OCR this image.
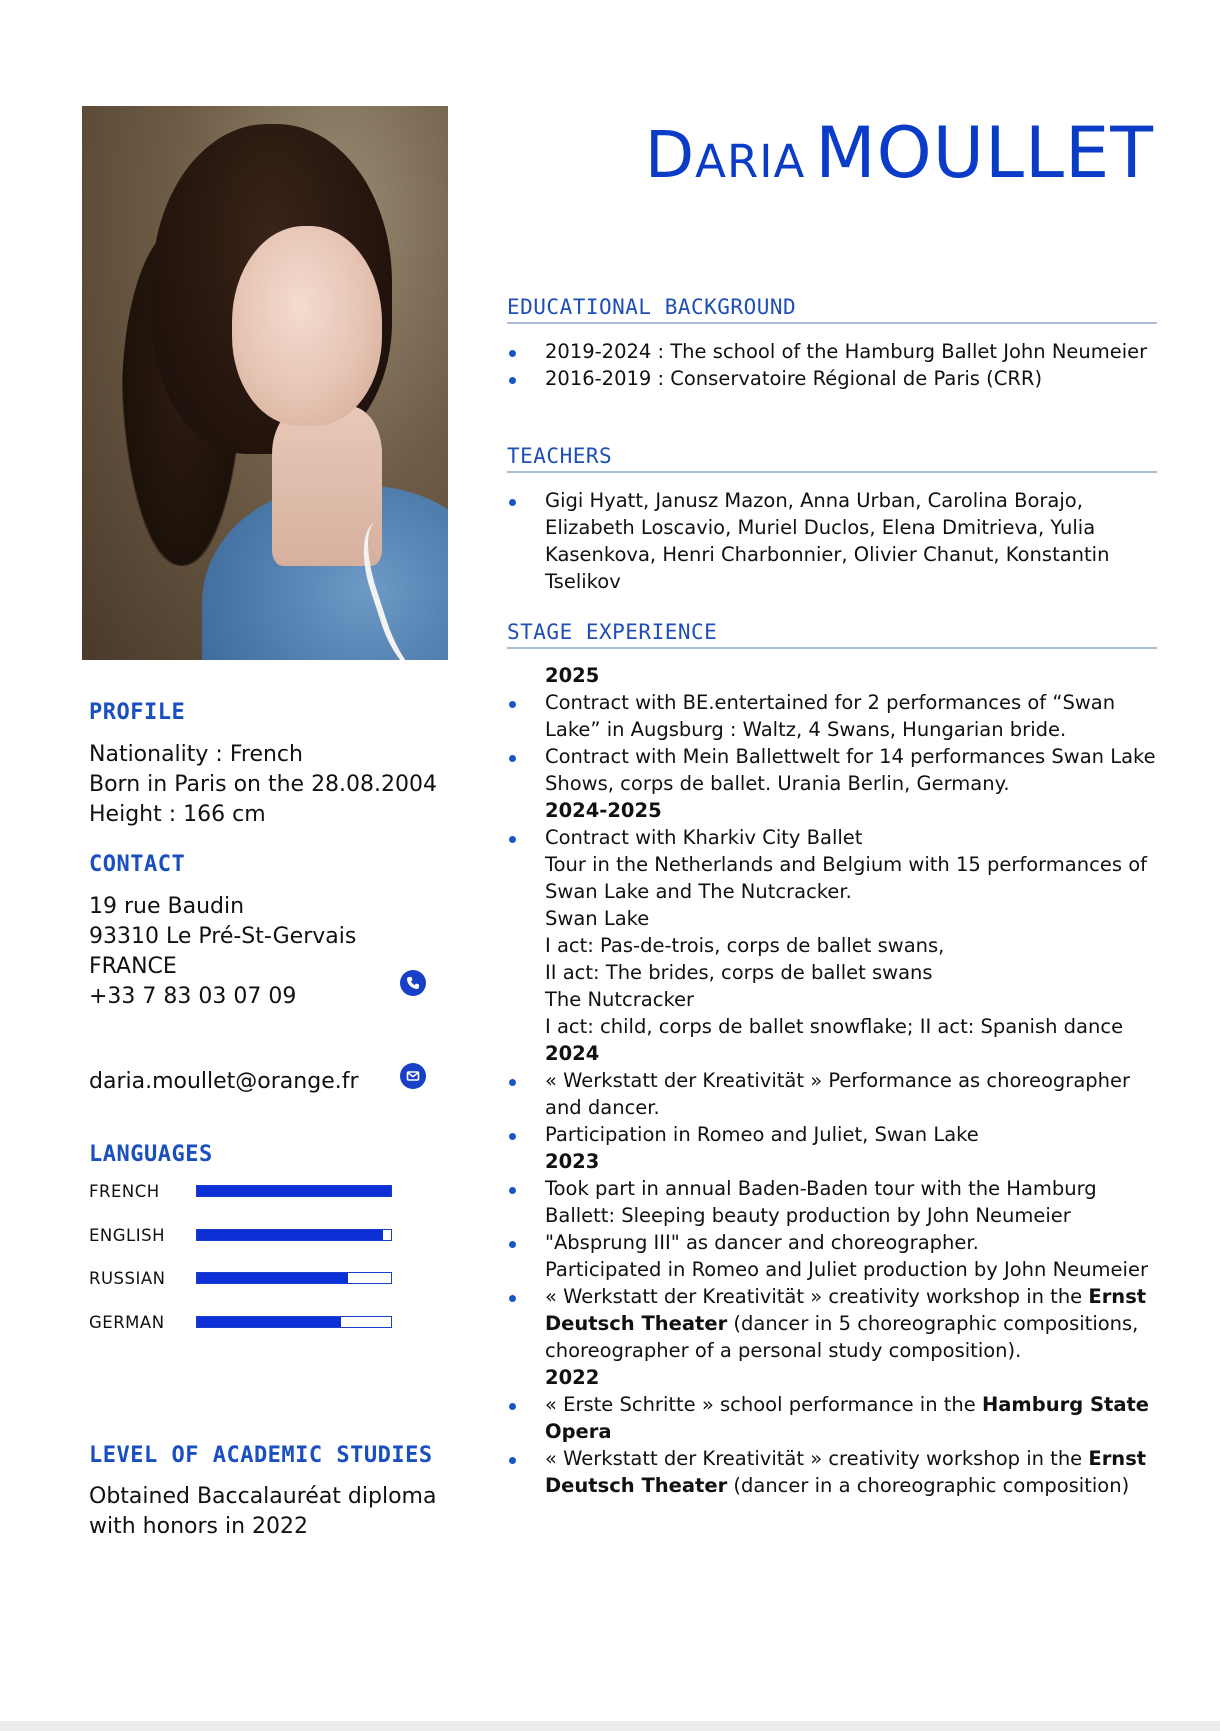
Daria MOULLET
EDUCATIONAL BACKGROUND
2019-2024 : The school of the Hamburg Ballet John Neumeier
2016-2019 : Conservatoire Régional de Paris (CRR)
TEACHERS
Gigi Hyatt, Janusz Mazon, Anna Urban, Carolina Borajo, Elizabeth Loscavio, Muriel Duclos, Elena Dmitrieva, Yulia Kasenkova, Henri Charbonnier, Olivier Chanut, Konstantin Tselikov
STAGE EXPERIENCE
2025
Contract with BE.entertained for 2 performances of “Swan Lake” in Augsburg : Waltz, 4 Swans, Hungarian bride.
Contract with Mein Ballettwelt for 14 performances Swan Lake Shows, corps de ballet. Urania Berlin, Germany.
2024-2025
Contract with Kharkiv City Ballet
Tour in the Netherlands and Belgium with 15 performances of Swan Lake and The Nutcracker.
Swan Lake
I act: Pas-de-trois, corps de ballet swans,
II act: The brides, corps de ballet swans
The Nutcracker
I act: child, corps de ballet snowflake; II act: Spanish dance
2024
« Werkstatt der Kreativität » Performance as choreographer and dancer.
Participation in Romeo and Juliet, Swan Lake
2023
Took part in annual Baden-Baden tour with the Hamburg Ballett: Sleeping beauty production by John Neumeier
"Absprung III" as dancer and choreographer.
Participated in Romeo and Juliet production by John Neumeier
« Werkstatt der Kreativität » creativity workshop in the Ernst Deutsch Theater (dancer in 5 choreographic compositions, choreographer of a personal study composition).
2022
« Erste Schritte » school performance in the Hamburg State Opera
« Werkstatt der Kreativität » creativity workshop in the Ernst Deutsch Theater (dancer in a choreographic composition)
PROFILE
Nationality : French
Born in Paris on the 28.08.2004
Height : 166 cm
CONTACT
19 rue Baudin
93310 Le Pré-St-Gervais
FRANCE
+33 7 83 03 07 09
daria.moullet@orange.fr
LANGUAGES
FRENCH
ENGLISH
RUSSIAN
GERMAN
LEVEL OF ACADEMIC STUDIES
Obtained Baccalauréat diploma
with honors in 2022
